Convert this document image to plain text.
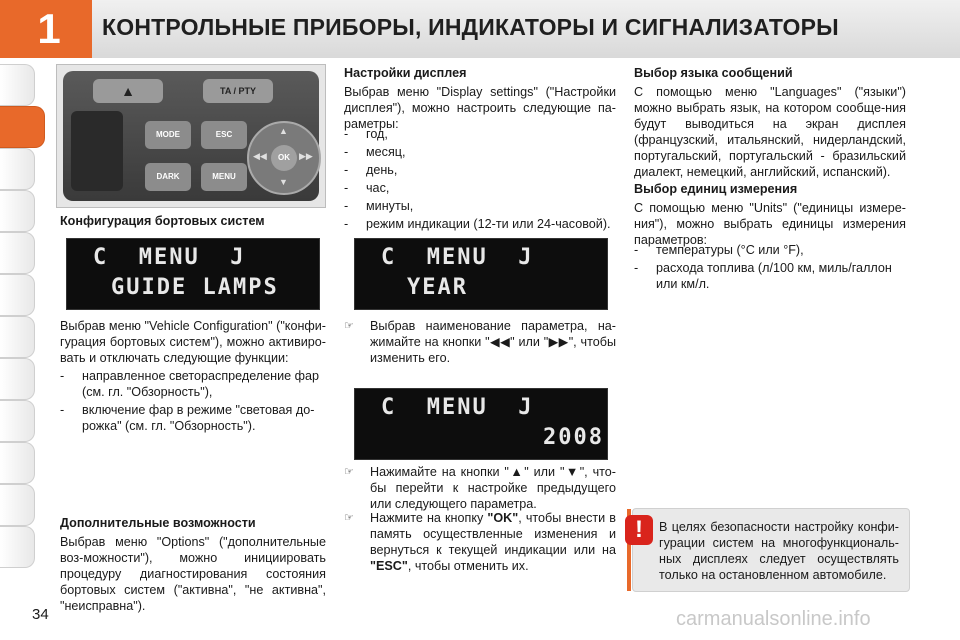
1	КОНТРОЛЬНЫЕ ПРИБОРЫ, ИНДИКАТОРЫ И СИГНАЛИЗАТОРЫ
▲	TA / PTY
MODE
DARK
ESC
MENU
▲
▼
◀◀	▶▶
OK
Конфигурация бортовых систем
C  MENU  J
GUIDE LAMPS
Выбрав меню "Vehicle Configuration" ("конфи-гурация бортовых систем"), можно активиро-вать и отключать следующие функции:
- направленное светораспределение фар (см. гл. "Обзорность"),
- включение фар в режиме "световая до-рожка" (см. гл. "Обзорность").
Дополнительные возможности
Выбрав меню "Options" ("дополнительные воз-можности"), можно инициировать процедуру диагностирования состояния бортовых систем ("активна", "не активна", "неисправна").
Настройки дисплея
Выбрав меню "Display settings" ("Настройки дисплея"), можно настроить следующие па-раметры:
- год,
- месяц,
- день,
- час,
- минуты,
- режим индикации (12-ти или 24-часовой).
C  MENU  J
YEAR
☞ Выбрав наименование параметра, на-жимайте на кнопки "◀◀" или "▶▶", чтобы изменить его.
C  MENU  J
2008
☞ Нажимайте на кнопки "▲" или "▼", что-бы перейти к настройке предыдущего или следующего параметра.
☞ Нажмите на кнопку "OK", чтобы внести в память осуществленные изменения и вернуться к текущей индикации или на "ESC", чтобы отменить их.
Выбор языка сообщений
С помощью меню "Languages" ("языки") можно выбрать язык, на котором сообще-ния будут выводиться на экран дисплея (французский, итальянский, нидерландский, португальский, португальский - бразильский диалект, немецкий, английский, испанский).
Выбор единиц измерения
С помощью меню "Units" ("единицы измере-ния"), можно выбрать единицы измерения параметров:
- температуры (°C или °F),
- расхода топлива (л/100 км, миль/галлон или км/л.
!	В целях безопасности настройку конфи-гурации систем на многофункциональ-ных дисплеях следует осуществлять только на остановленном автомобиле.
34	carmanualsonline.info
